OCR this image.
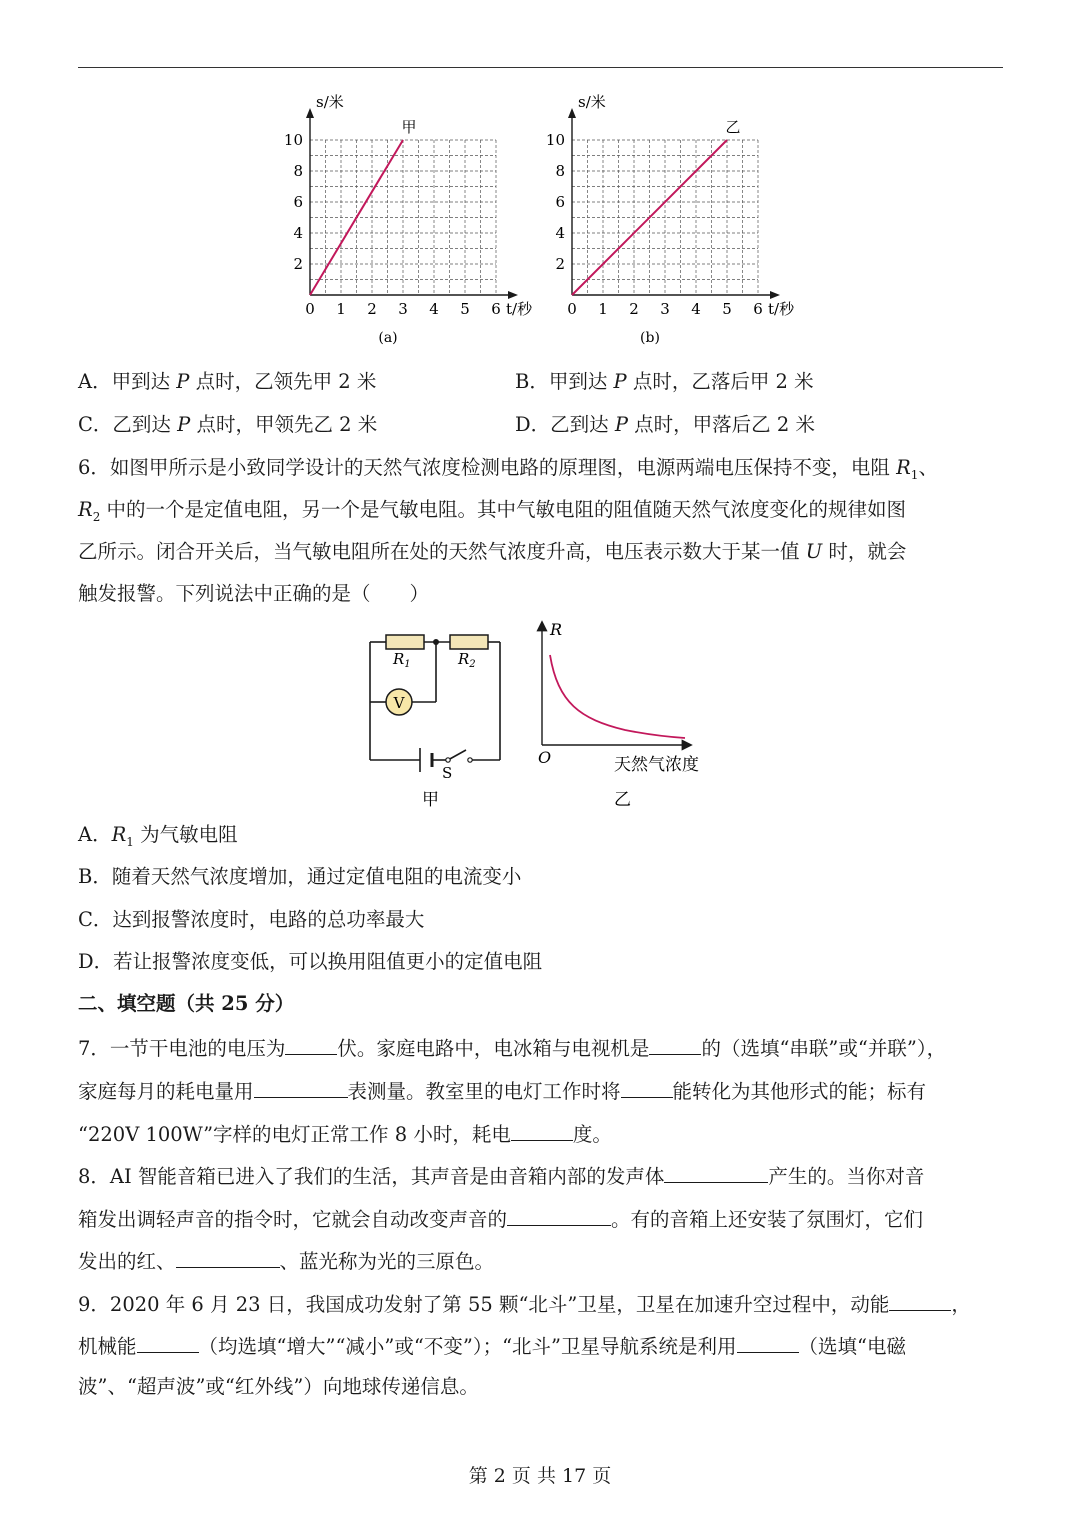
0 1 2 3 4 5 6
2
4
6
8
10
s/米
t/秒
甲
(a)
0 1 2 3 4 5 6
2
4
6
8
10
s/米
t/秒
乙
(b)
A．甲到达 P 点时，乙领先甲 2 米	B．甲到达 P 点时，乙落后甲 2 米
C．乙到达 P 点时，甲领先乙 2 米	D．乙到达 P 点时，甲落后乙 2 米
6．如图甲所示是小致同学设计的天然气浓度检测电路的原理图，电源两端电压保持不变，电阻 $R_1$、
$R_2$ 中的一个是定值电阻，另一个是气敏电阻。其中气敏电阻的阻值随天然气浓度变化的规律如图
乙所示。闭合开关后，当气敏电阻所在处的天然气浓度升高，电压表示数大于某一值 U 时，就会
触发报警。下列说法中正确的是（　　）
$R_1$	$R_2$
V
S
甲
R
O	天然气浓度
乙
A．$R_1$ 为气敏电阻
B．随着天然气浓度增加，通过定值电阻的电流变小
C．达到报警浓度时，电路的总功率最大
D．若让报警浓度变低，可以换用阻值更小的定值电阻
二、填空题（共 25 分）
7．一节干电池的电压为	伏。家庭电路中，电冰箱与电视机是	的（选填“串联”或“并联”），
家庭每月的耗电量用	表测量。教室里的电灯工作时将	能转化为其他形式的能；标有
“220V 100W”字样的电灯正常工作 8 小时，耗电	度。
8．AI 智能音箱已进入了我们的生活，其声音是由音箱内部的发声体	产生的。当你对音
箱发出调轻声音的指令时，它就会自动改变声音的	。有的音箱上还安装了氛围灯，它们
发出的红、	、蓝光称为光的三原色。
9．2020 年 6 月 23 日，我国成功发射了第 55 颗“北斗”卫星，卫星在加速升空过程中，动能	，
机械能	（均选填“增大”“减小”或“不变”）；“北斗”卫星导航系统是利用	（选填“电磁
波”、“超声波”或“红外线”）向地球传递信息。
第 2 页 共 17 页
